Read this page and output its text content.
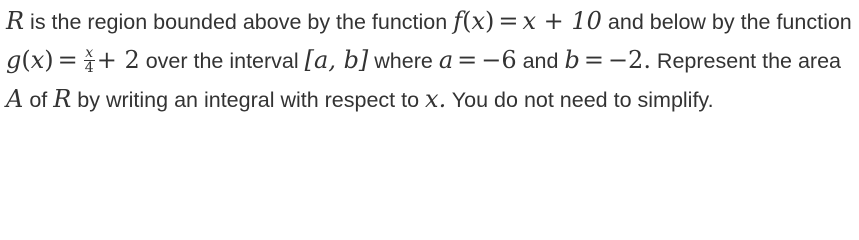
R is the region bounded above by the function f(x) = x + 10 and below by the function $g(x) = \frac{x}{4} + 2$ over the interval [a, b] where a = −6 and b = −2. Represent the area A of R by writing an integral with respect to x. You do not need to simplify.
